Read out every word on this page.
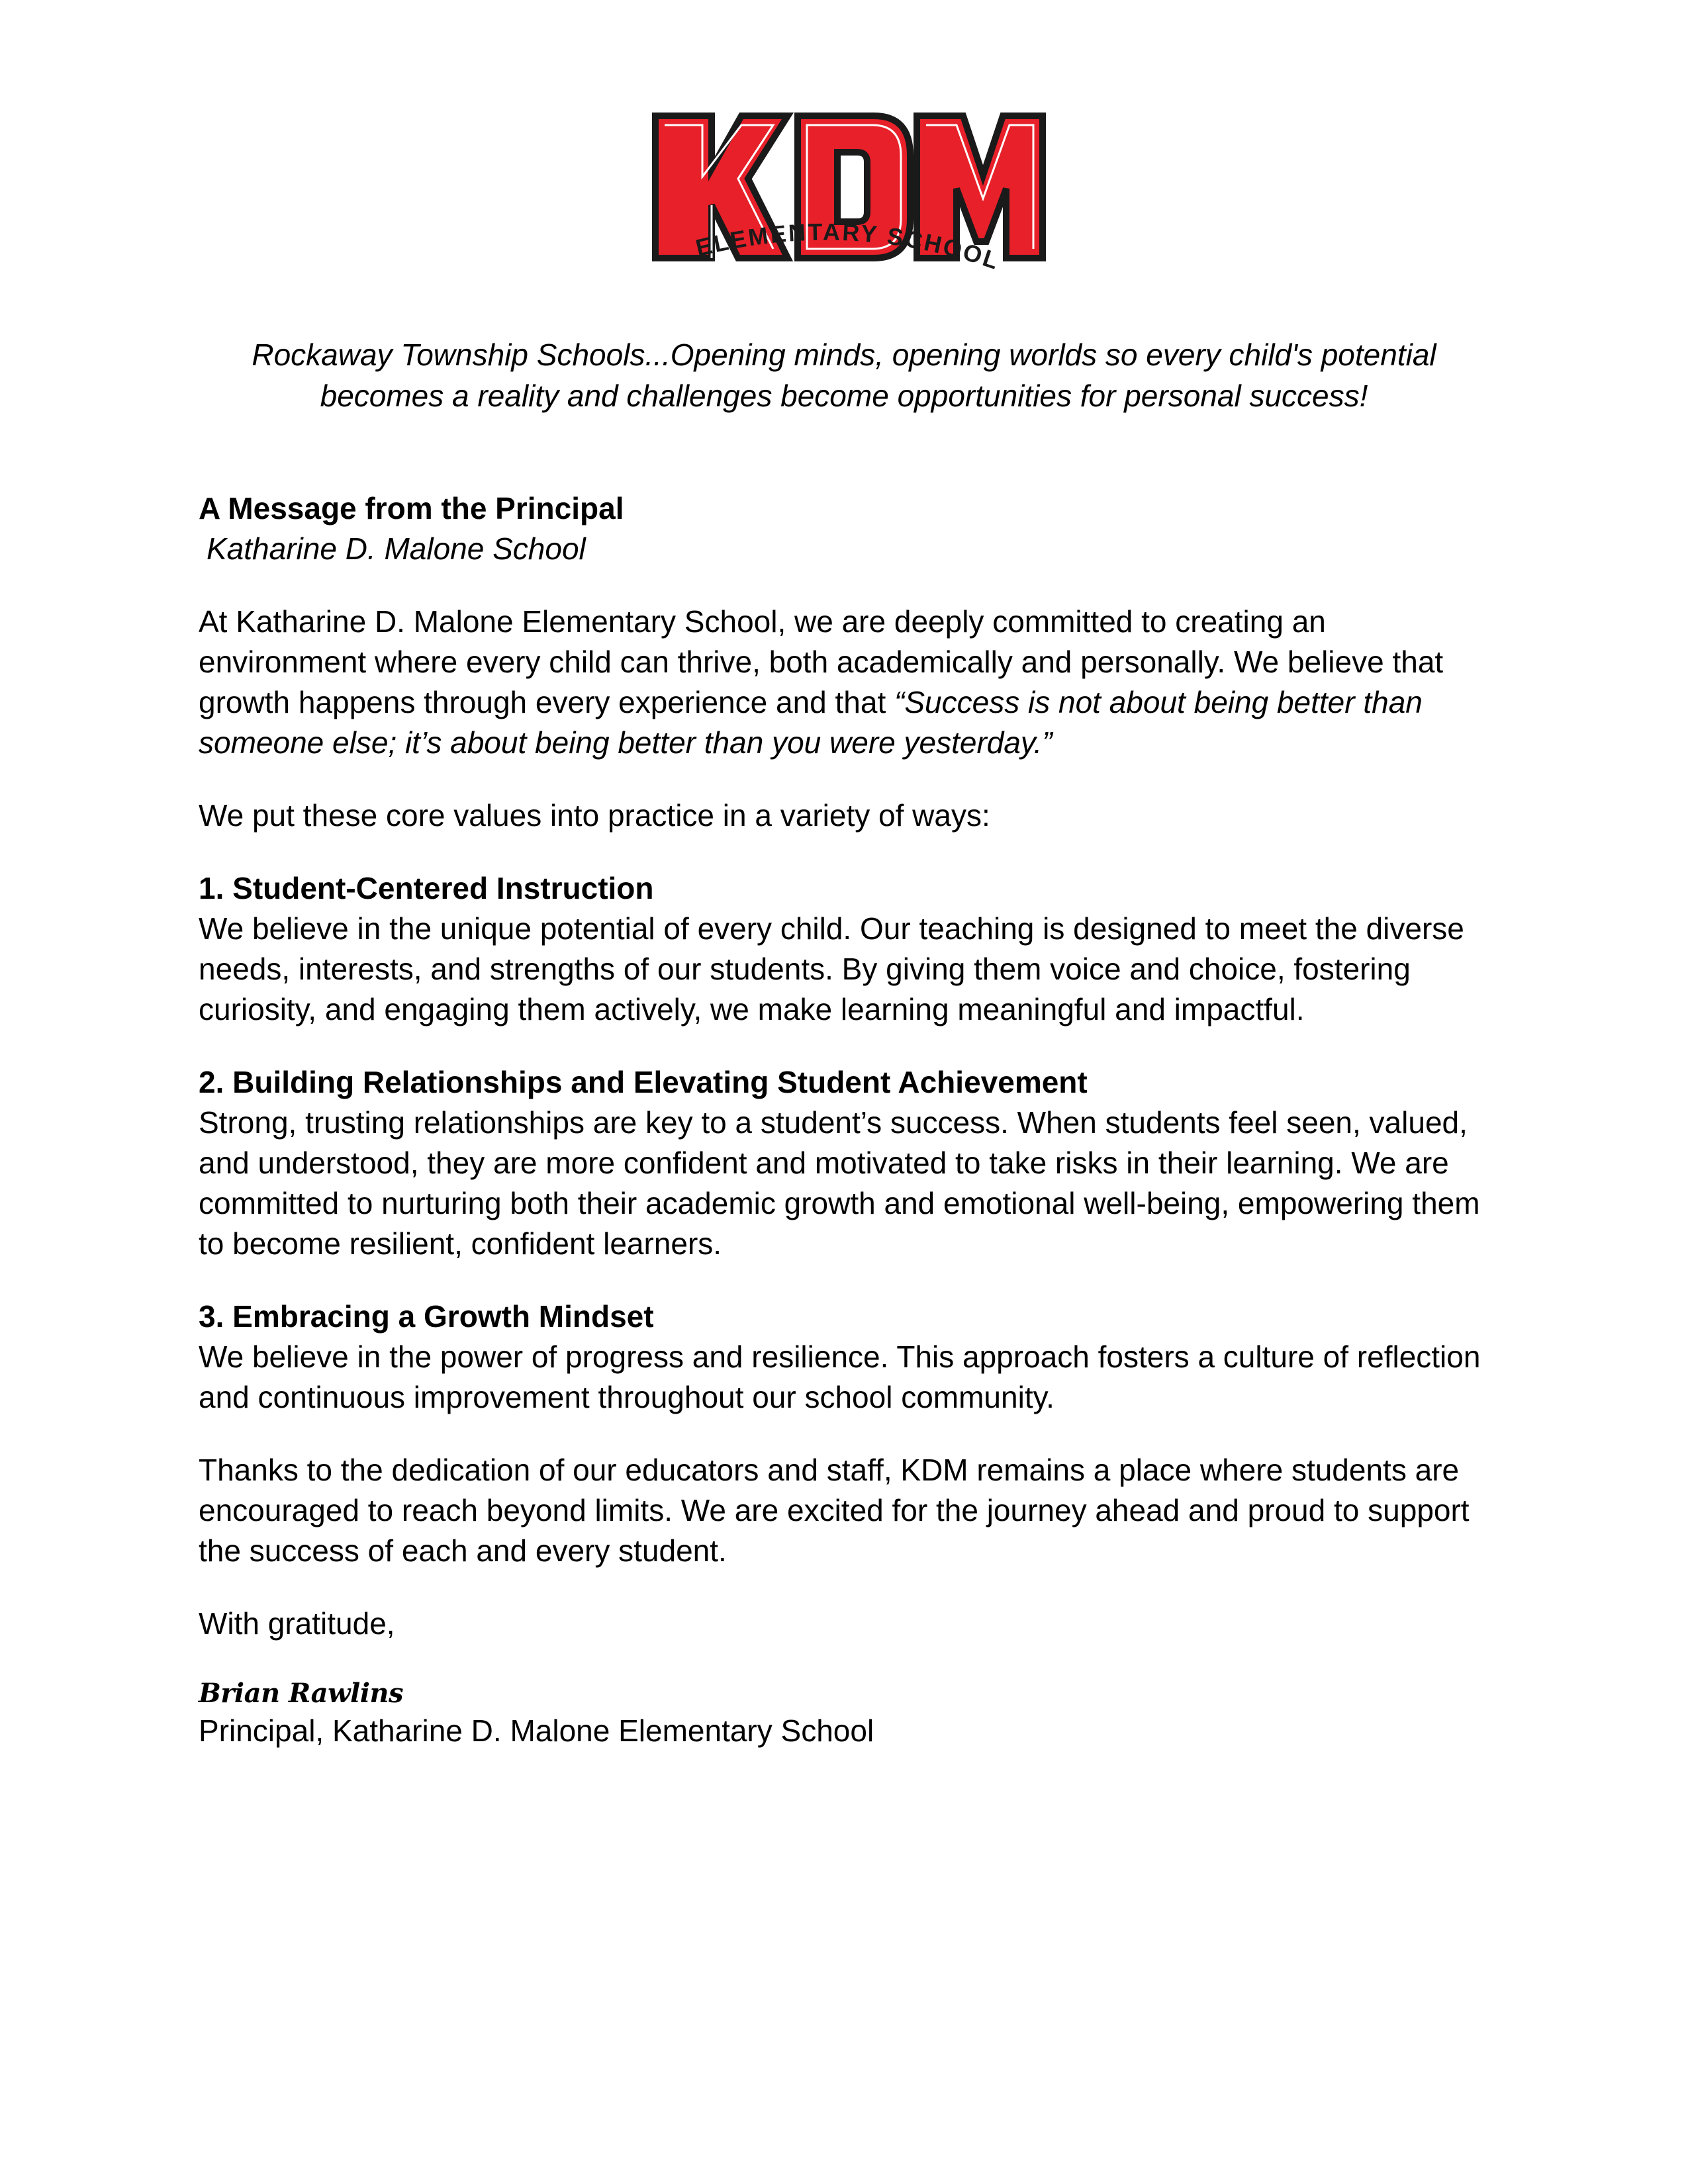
ELEMENTARY SCHOOL
Rockaway Township Schools...Opening minds, opening worlds so every child's potential
becomes a reality and challenges become opportunities for personal success!

A Message from the Principal

Katharine D. Malone School

At Katharine D. Malone Elementary School, we are deeply committed to creating an environment where every child can thrive, both academically and personally. We believe that growth happens through every experience and that “Success is not about being better than someone else; it’s about being better than you were yesterday.”

We put these core values into practice in a variety of ways:

1. Student-Centered Instruction

We believe in the unique potential of every child. Our teaching is designed to meet the diverse needs, interests, and strengths of our students. By giving them voice and choice, fostering curiosity, and engaging them actively, we make learning meaningful and impactful.

2. Building Relationships and Elevating Student Achievement

Strong, trusting relationships are key to a student’s success. When students feel seen, valued, and understood, they are more confident and motivated to take risks in their learning. We are committed to nurturing both their academic growth and emotional well-being, empowering them to become resilient, confident learners.

3. Embracing a Growth Mindset

We believe in the power of progress and resilience. This approach fosters a culture of reflection and continuous improvement throughout our school community.

Thanks to the dedication of our educators and staff, KDM remains a place where students are encouraged to reach beyond limits. We are excited for the journey ahead and proud to support the success of each and every student.

With gratitude,

Brian Rawlins

Principal, Katharine D. Malone Elementary School
